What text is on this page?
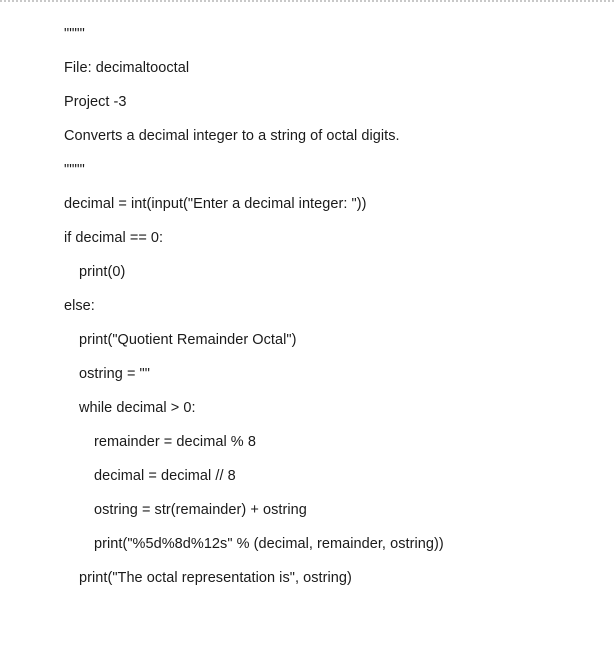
""""
File: decimaltooctal
Project -3
Converts a decimal integer to a string of octal digits.
""""
decimal = int(input("Enter a decimal integer: "))
if decimal == 0:
print(0)
else:
print("Quotient Remainder Octal")
ostring = ""
while decimal > 0:
remainder = decimal % 8
decimal = decimal // 8
ostring = str(remainder) + ostring
print("%5d%8d%12s" % (decimal, remainder, ostring))
print("The octal representation is", ostring)
